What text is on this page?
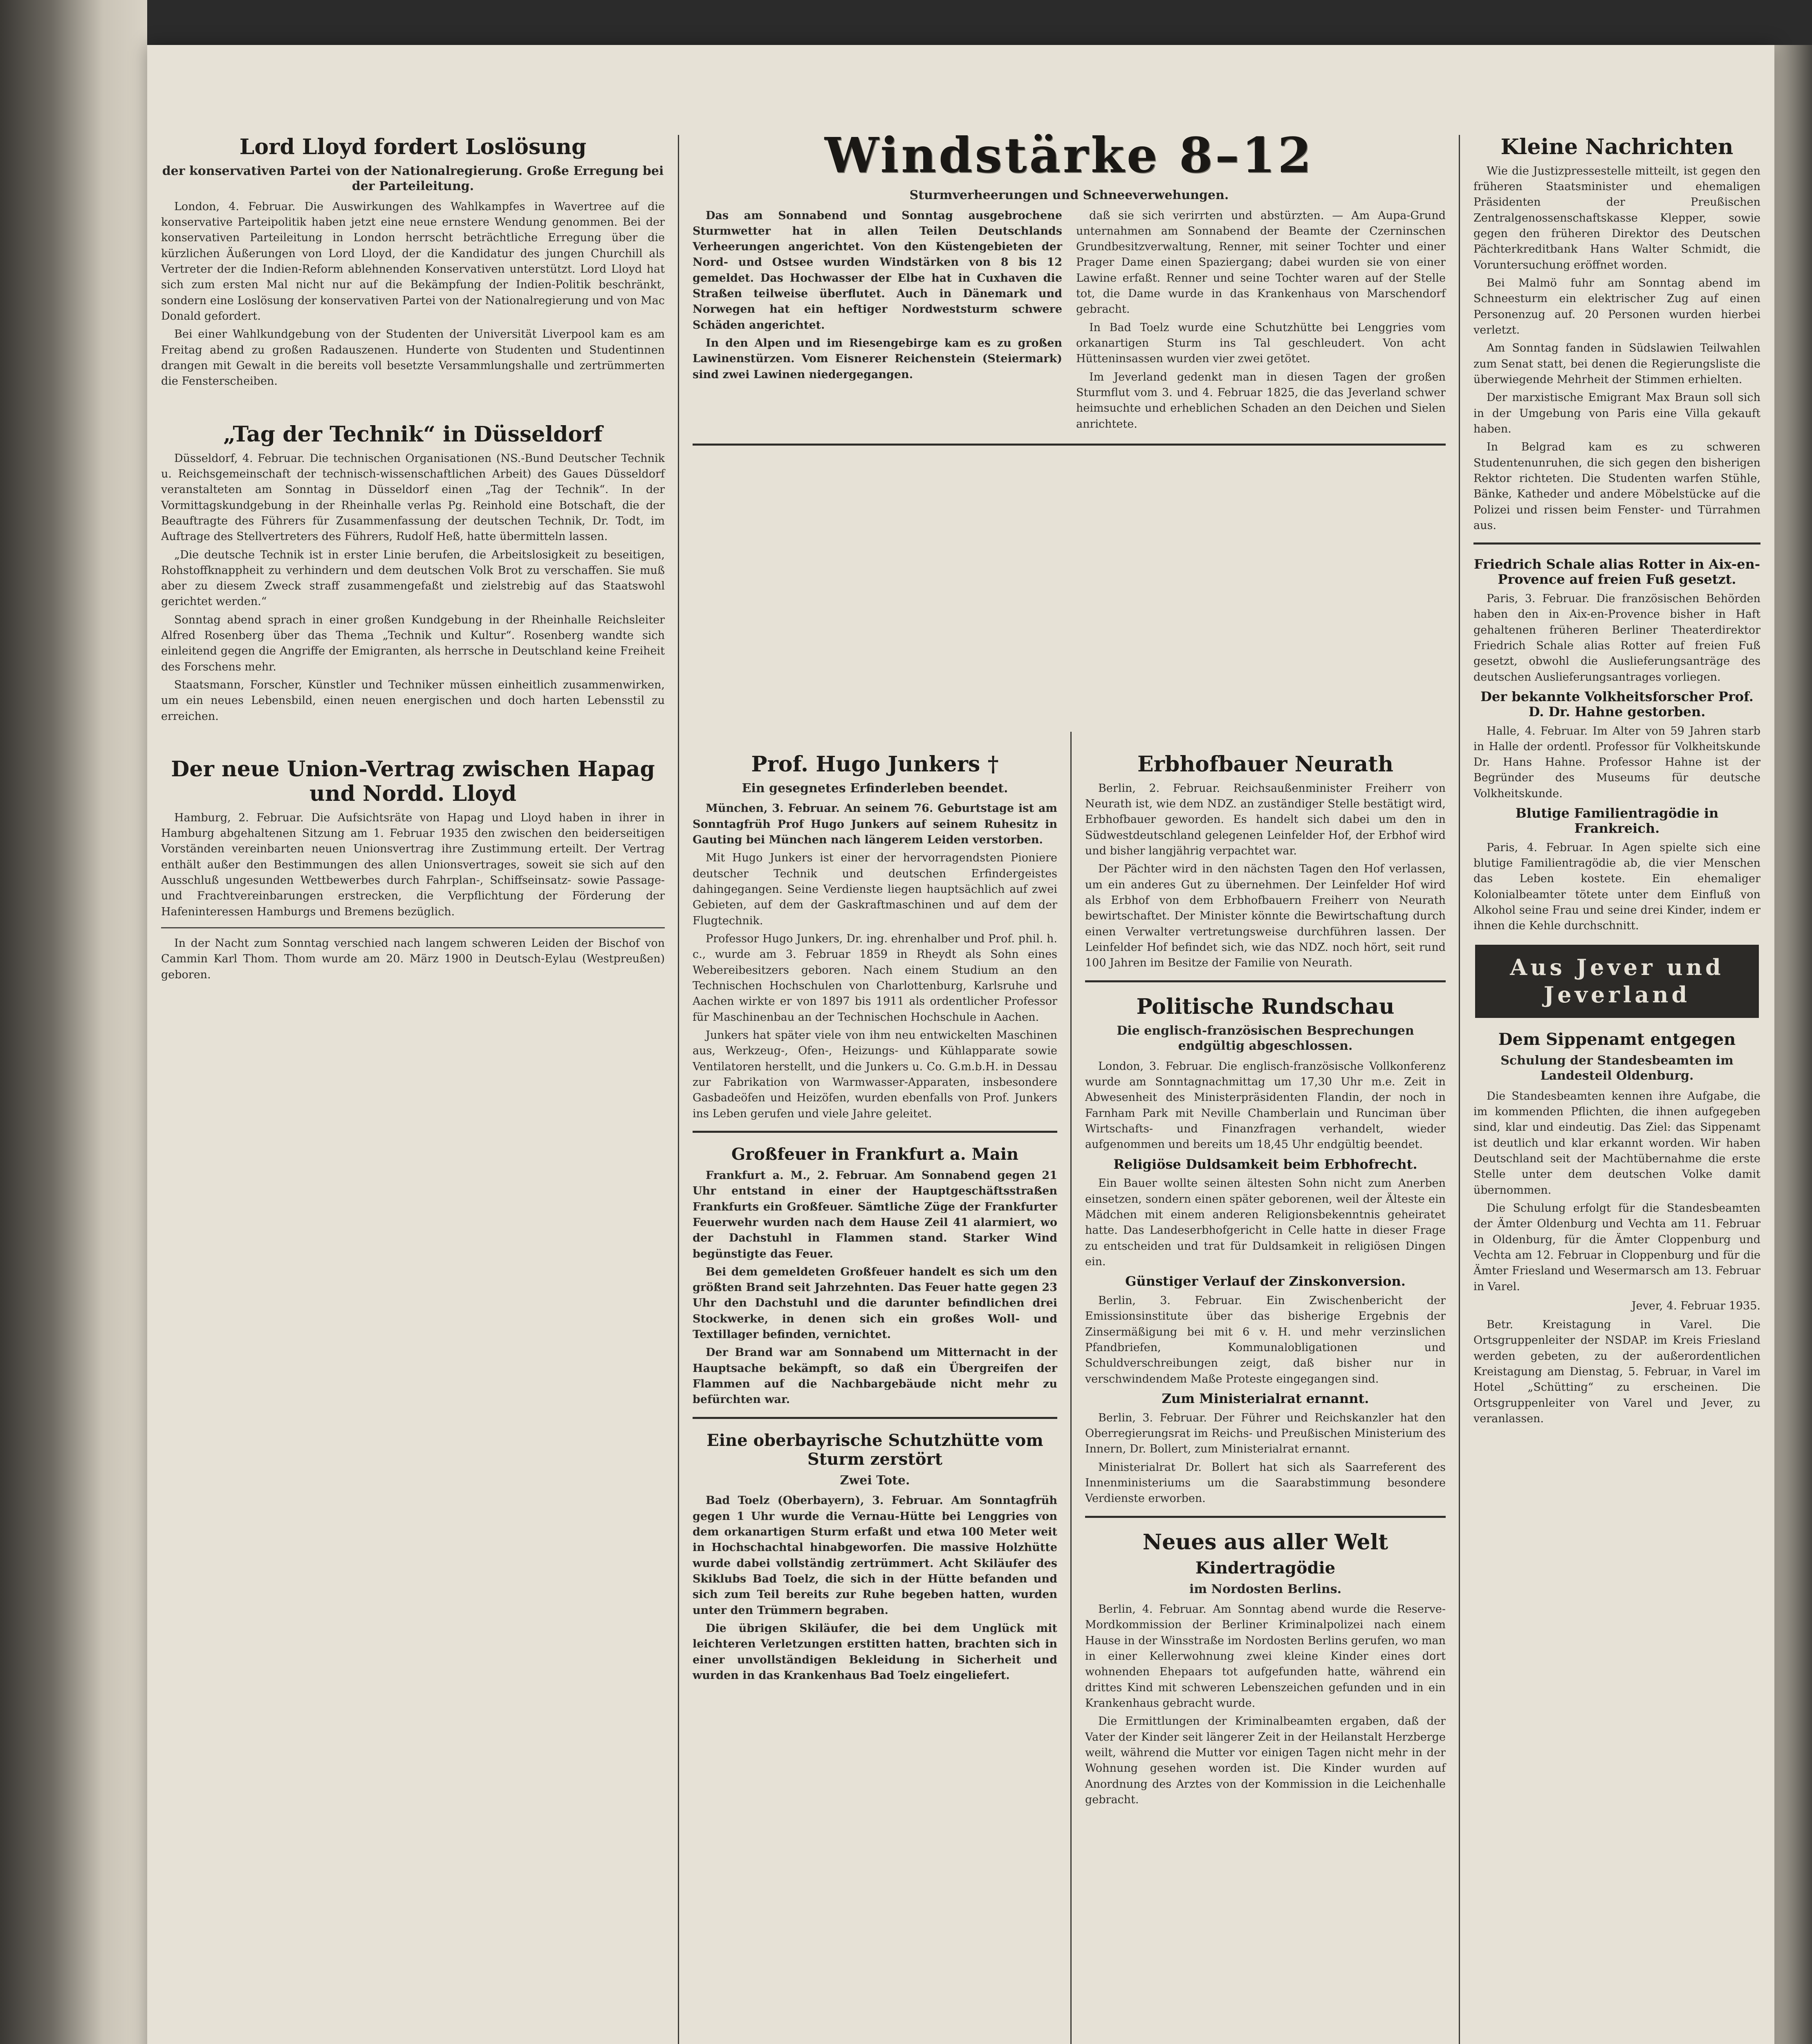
Lord Lloyd fordert Loslösung
der konservativen Partei von der Nationalregierung. Große Erregung bei der Parteileitung.

London, 4. Februar. Die Auswirkungen des Wahlkampfes in Wavertree auf die konservative Parteipolitik haben jetzt eine neue ernstere Wendung genommen. Bei der konservativen Parteileitung in London herrscht beträchtliche Erregung über die kürzlichen Äußerungen von Lord Lloyd, der die Kandidatur des jungen Churchill als Vertreter der die Indien-Reform ablehnenden Konservativen unterstützt. Lord Lloyd hat sich zum ersten Mal nicht nur auf die Bekämpfung der Indien-Politik beschränkt, sondern eine Loslösung der konservativen Partei von der Nationalregierung und von Mac Donald gefordert.

Bei einer Wahlkundgebung von der Studenten der Universität Liverpool kam es am Freitag abend zu großen Radauszenen. Hunderte von Studenten und Studentinnen drangen mit Gewalt in die bereits voll besetzte Versammlungshalle und zertrümmerten die Fensterscheiben.

„Tag der Technik“ in Düsseldorf

Düsseldorf, 4. Februar. Die technischen Organisationen (NS.-Bund Deutscher Technik u. Reichsgemeinschaft der technisch-wissenschaftlichen Arbeit) des Gaues Düsseldorf veranstalteten am Sonntag in Düsseldorf einen „Tag der Technik“. In der Vormittagskundgebung in der Rheinhalle verlas Pg. Reinhold eine Botschaft, die der Beauftragte des Führers für Zusammenfassung der deutschen Technik, Dr. Todt, im Auftrage des Stellvertreters des Führers, Rudolf Heß, hatte übermitteln lassen.

„Die deutsche Technik ist in erster Linie berufen, die Arbeitslosigkeit zu beseitigen, Rohstoffknappheit zu verhindern und dem deutschen Volk Brot zu verschaffen. Sie muß aber zu diesem Zweck straff zusammengefaßt und zielstrebig auf das Staatswohl gerichtet werden.“

Sonntag abend sprach in einer großen Kundgebung in der Rheinhalle Reichsleiter Alfred Rosenberg über das Thema „Technik und Kultur“. Rosenberg wandte sich einleitend gegen die Angriffe der Emigranten, als herrsche in Deutschland keine Freiheit des Forschens mehr.

Staatsmann, Forscher, Künstler und Techniker müssen einheitlich zusammenwirken, um ein neues Lebensbild, einen neuen energischen und doch harten Lebensstil zu erreichen.

Der neue Union-Vertrag zwischen Hapag und Nordd. Lloyd

Hamburg, 2. Februar. Die Aufsichtsräte von Hapag und Lloyd haben in ihrer in Hamburg abgehaltenen Sitzung am 1. Februar 1935 den zwischen den beiderseitigen Vorständen vereinbarten neuen Unionsvertrag ihre Zustimmung erteilt. Der Vertrag enthält außer den Bestimmungen des allen Unionsvertrages, soweit sie sich auf den Ausschluß ungesunden Wettbewerbes durch Fahrplan-, Schiffseinsatz- sowie Passage- und Frachtvereinbarungen erstrecken, die Verpflichtung der Förderung der Hafeninteressen Hamburgs und Bremens bezüglich.

In der Nacht zum Sonntag verschied nach langem schweren Leiden der Bischof von Cammin Karl Thom. Thom wurde am 20. März 1900 in Deutsch-Eylau (Westpreußen) geboren.

Windstärke 8–12
Sturmverheerungen und Schneeverwehungen.

Das am Sonnabend und Sonntag ausgebrochene Sturmwetter hat in allen Teilen Deutschlands Verheerungen angerichtet. Von den Küstengebieten der Nord- und Ostsee wurden Windstärken von 8 bis 12 gemeldet. Das Hochwasser der Elbe hat in Cuxhaven die Straßen teilweise überflutet. Auch in Dänemark und Norwegen hat ein heftiger Nordweststurm schwere Schäden angerichtet.

In den Alpen und im Riesengebirge kam es zu großen Lawinenstürzen. Vom Eisnerer Reichenstein (Steiermark) sind zwei Lawinen niedergegangen.

daß sie sich verirrten und abstürzten. — Am Aupa-Grund unternahmen am Sonnabend der Beamte der Czerninschen Grundbesitzverwaltung, Renner, mit seiner Tochter und einer Prager Dame einen Spaziergang; dabei wurden sie von einer Lawine erfaßt. Renner und seine Tochter waren auf der Stelle tot, die Dame wurde in das Krankenhaus von Marschendorf gebracht.

In Bad Toelz wurde eine Schutzhütte bei Lenggries vom orkanartigen Sturm ins Tal geschleudert. Von acht Hütteninsassen wurden vier zwei getötet.

Im Jeverland gedenkt man in diesen Tagen der großen Sturmflut vom 3. und 4. Februar 1825, die das Jeverland schwer heimsuchte und erheblichen Schaden an den Deichen und Sielen anrichtete.

Prof. Hugo Junkers †
Ein gesegnetes Erfinderleben beendet.

München, 3. Februar. An seinem 76. Geburtstage ist am Sonntagfrüh Prof Hugo Junkers auf seinem Ruhesitz in Gauting bei München nach längerem Leiden verstorben.

Mit Hugo Junkers ist einer der hervorragendsten Pioniere deutscher Technik und deutschen Erfindergeistes dahingegangen. Seine Verdienste liegen hauptsächlich auf zwei Gebieten, auf dem der Gaskraftmaschinen und auf dem der Flugtechnik.

Professor Hugo Junkers, Dr. ing. ehrenhalber und Prof. phil. h. c., wurde am 3. Februar 1859 in Rheydt als Sohn eines Webereibesitzers geboren. Nach einem Studium an den Technischen Hochschulen von Charlottenburg, Karlsruhe und Aachen wirkte er von 1897 bis 1911 als ordentlicher Professor für Maschinenbau an der Technischen Hochschule in Aachen.

Junkers hat später viele von ihm neu entwickelten Maschinen aus, Werkzeug-, Ofen-, Heizungs- und Kühlapparate sowie Ventilatoren herstellt, und die Junkers u. Co. G.m.b.H. in Dessau zur Fabrikation von Warmwasser-Apparaten, insbesondere Gasbadeöfen und Heizöfen, wurden ebenfalls von Prof. Junkers ins Leben gerufen und viele Jahre geleitet.

Großfeuer in Frankfurt a. Main

Frankfurt a. M., 2. Februar. Am Sonnabend gegen 21 Uhr entstand in einer der Hauptgeschäftsstraßen Frankfurts ein Großfeuer. Sämtliche Züge der Frankfurter Feuerwehr wurden nach dem Hause Zeil 41 alarmiert, wo der Dachstuhl in Flammen stand. Starker Wind begünstigte das Feuer.

Bei dem gemeldeten Großfeuer handelt es sich um den größten Brand seit Jahrzehnten. Das Feuer hatte gegen 23 Uhr den Dachstuhl und die darunter befindlichen drei Stockwerke, in denen sich ein großes Woll- und Textillager befinden, vernichtet.

Der Brand war am Sonnabend um Mitternacht in der Hauptsache bekämpft, so daß ein Übergreifen der Flammen auf die Nachbargebäude nicht mehr zu befürchten war.

Eine oberbayrische Schutzhütte vom Sturm zerstört
Zwei Tote.

Bad Toelz (Oberbayern), 3. Februar. Am Sonntagfrüh gegen 1 Uhr wurde die Vernau-Hütte bei Lenggries von dem orkanartigen Sturm erfaßt und etwa 100 Meter weit in Hochschachtal hinabgeworfen. Die massive Holzhütte wurde dabei vollständig zertrümmert. Acht Skiläufer des Skiklubs Bad Toelz, die sich in der Hütte befanden und sich zum Teil bereits zur Ruhe begeben hatten, wurden unter den Trümmern begraben.

Die übrigen Skiläufer, die bei dem Unglück mit leichteren Verletzungen erstitten hatten, brachten sich in einer unvollständigen Bekleidung in Sicherheit und wurden in das Krankenhaus Bad Toelz eingeliefert.

Erbhofbauer Neurath

Berlin, 2. Februar. Reichsaußenminister Freiherr von Neurath ist, wie dem NDZ. an zuständiger Stelle bestätigt wird, Erbhofbauer geworden. Es handelt sich dabei um den in Südwestdeutschland gelegenen Leinfelder Hof, der Erbhof wird und bisher langjährig verpachtet war.

Der Pächter wird in den nächsten Tagen den Hof verlassen, um ein anderes Gut zu übernehmen. Der Leinfelder Hof wird als Erbhof von dem Erbhofbauern Freiherr von Neurath bewirtschaftet. Der Minister könnte die Bewirtschaftung durch einen Verwalter vertretungsweise durchführen lassen. Der Leinfelder Hof befindet sich, wie das NDZ. noch hört, seit rund 100 Jahren im Besitze der Familie von Neurath.

Politische Rundschau
Die englisch-französischen Besprechungen endgültig abgeschlossen.

London, 3. Februar. Die englisch-französische Vollkonferenz wurde am Sonntagnachmittag um 17,30 Uhr m.e. Zeit in Abwesenheit des Ministerpräsidenten Flandin, der noch in Farnham Park mit Neville Chamberlain und Runciman über Wirtschafts- und Finanzfragen verhandelt, wieder aufgenommen und bereits um 18,45 Uhr endgültig beendet.

Religiöse Duldsamkeit beim Erbhofrecht.

Ein Bauer wollte seinen ältesten Sohn nicht zum Anerben einsetzen, sondern einen später geborenen, weil der Älteste ein Mädchen mit einem anderen Religionsbekenntnis geheiratet hatte. Das Landeserbhofgericht in Celle hatte in dieser Frage zu entscheiden und trat für Duldsamkeit in religiösen Dingen ein.

Günstiger Verlauf der Zinskonversion.

Berlin, 3. Februar. Ein Zwischenbericht der Emissionsinstitute über das bisherige Ergebnis der Zinsermäßigung bei mit 6 v. H. und mehr verzinslichen Pfandbriefen, Kommunalobligationen und Schuldverschreibungen zeigt, daß bisher nur in verschwindendem Maße Proteste eingegangen sind.

Zum Ministerialrat ernannt.

Berlin, 3. Februar. Der Führer und Reichskanzler hat den Oberregierungsrat im Reichs- und Preußischen Ministerium des Innern, Dr. Bollert, zum Ministerialrat ernannt.

Ministerialrat Dr. Bollert hat sich als Saarreferent des Innenministeriums um die Saarabstimmung besondere Verdienste erworben.

Neues aus aller Welt
Kindertragödie
im Nordosten Berlins.

Berlin, 4. Februar. Am Sonntag abend wurde die Reserve-Mordkommission der Berliner Kriminalpolizei nach einem Hause in der Winsstraße im Nordosten Berlins gerufen, wo man in einer Kellerwohnung zwei kleine Kinder eines dort wohnenden Ehepaars tot aufgefunden hatte, während ein drittes Kind mit schweren Lebenszeichen gefunden und in ein Krankenhaus gebracht wurde.

Die Ermittlungen der Kriminalbeamten ergaben, daß der Vater der Kinder seit längerer Zeit in der Heilanstalt Herzberge weilt, während die Mutter vor einigen Tagen nicht mehr in der Wohnung gesehen worden ist. Die Kinder wurden auf Anordnung des Arztes von der Kommission in die Leichenhalle gebracht.

Kleine Nachrichten

Wie die Justizpressestelle mitteilt, ist gegen den früheren Staatsminister und ehemaligen Präsidenten der Preußischen Zentralgenossenschaftskasse Klepper, sowie gegen den früheren Direktor des Deutschen Pächterkreditbank Hans Walter Schmidt, die Voruntersuchung eröffnet worden.

Bei Malmö fuhr am Sonntag abend im Schneesturm ein elektrischer Zug auf einen Personenzug auf. 20 Personen wurden hierbei verletzt.

Am Sonntag fanden in Südslawien Teilwahlen zum Senat statt, bei denen die Regierungsliste die überwiegende Mehrheit der Stimmen erhielten.

Der marxistische Emigrant Max Braun soll sich in der Umgebung von Paris eine Villa gekauft haben.

In Belgrad kam es zu schweren Studentenunruhen, die sich gegen den bisherigen Rektor richteten. Die Studenten warfen Stühle, Bänke, Katheder und andere Möbelstücke auf die Polizei und rissen beim Fenster- und Türrahmen aus.

Friedrich Schale alias Rotter in Aix-en-Provence auf freien Fuß gesetzt.

Paris, 3. Februar. Die französischen Behörden haben den in Aix-en-Provence bisher in Haft gehaltenen früheren Berliner Theaterdirektor Friedrich Schale alias Rotter auf freien Fuß gesetzt, obwohl die Auslieferungsanträge des deutschen Auslieferungsantrages vorliegen.

Der bekannte Volkheitsforscher Prof. D. Dr. Hahne gestorben.

Halle, 4. Februar. Im Alter von 59 Jahren starb in Halle der ordentl. Professor für Volkheitskunde Dr. Hans Hahne. Professor Hahne ist der Begründer des Museums für deutsche Volkheitskunde.

Blutige Familientragödie in Frankreich.

Paris, 4. Februar. In Agen spielte sich eine blutige Familientragödie ab, die vier Menschen das Leben kostete. Ein ehemaliger Kolonialbeamter tötete unter dem Einfluß von Alkohol seine Frau und seine drei Kinder, indem er ihnen die Kehle durchschnitt.

Aus Jever und Jeverland
Dem Sippenamt entgegen
Schulung der Standesbeamten im Landesteil Oldenburg.

Die Standesbeamten kennen ihre Aufgabe, die im kommenden Pflichten, die ihnen aufgegeben sind, klar und eindeutig. Das Ziel: das Sippenamt ist deutlich und klar erkannt worden. Wir haben Deutschland seit der Machtübernahme die erste Stelle unter dem deutschen Volke damit übernommen.

Die Schulung erfolgt für die Standesbeamten der Ämter Oldenburg und Vechta am 11. Februar in Oldenburg, für die Ämter Cloppenburg und Vechta am 12. Februar in Cloppenburg und für die Ämter Friesland und Wesermarsch am 13. Februar in Varel.

Jever, 4. Februar 1935.

Betr. Kreistagung in Varel. Die Ortsgruppenleiter der NSDAP. im Kreis Friesland werden gebeten, zu der außerordentlichen Kreistagung am Dienstag, 5. Februar, in Varel im Hotel „Schütting“ zu erscheinen. Die Ortsgruppenleiter von Varel und Jever, zu veranlassen.
